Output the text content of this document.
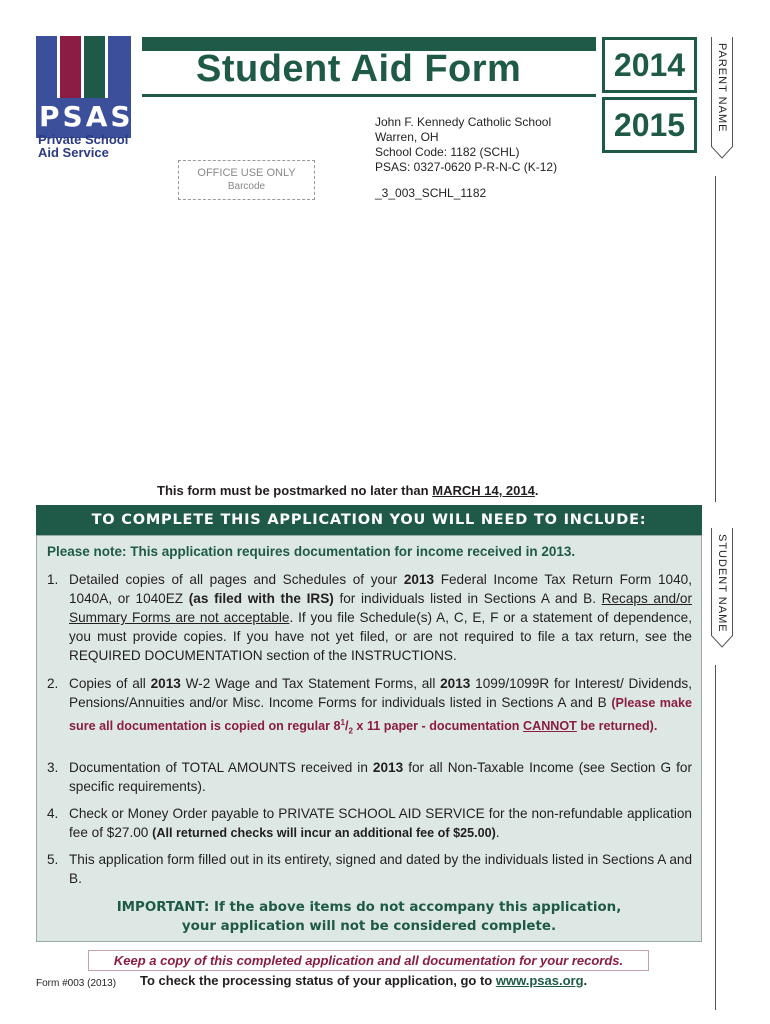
PSAS
Private School
Aid Service
Student Aid Form	2014
2015
John F. Kennedy Catholic School
Warren, OH
School Code: 1182 (SCHL)
PSAS: 0327-0620 P-R-N-C (K-12)
_3_003_SCHL_1182
OFFICE USE ONLY
Barcode
PARENT NAME
STUDENT NAME
This form must be postmarked no later than MARCH 14, 2014.
TO COMPLETE THIS APPLICATION YOU WILL NEED TO INCLUDE:
Please note: This application requires documentation for income received in 2013.
1. Detailed copies of all pages and Schedules of your 2013 Federal Income Tax Return Form 1040, 1040A, or 1040EZ (as filed with the IRS) for individuals listed in Sections A and B. Recaps and/or Summary Forms are not acceptable. If you file Schedule(s) A, C, E, F or a statement of dependence, you must provide copies. If you have not yet filed, or are not required to file a tax return, see the REQUIRED DOCUMENTATION section of the INSTRUCTIONS.
2. Copies of all 2013 W-2 Wage and Tax Statement Forms, all 2013 1099/1099R for Interest/ Dividends, Pensions/Annuities and/or Misc. Income Forms for individuals listed in Sections A and B (Please make sure all documentation is copied on regular $8^1/_2$ x 11 paper - documentation CANNOT be returned).
3. Documentation of TOTAL AMOUNTS received in 2013 for all Non-Taxable Income (see Section G for specific requirements).
4. Check or Money Order payable to PRIVATE SCHOOL AID SERVICE for the non-refundable application fee of $27.00 (All returned checks will incur an additional fee of $25.00).
5. This application form filled out in its entirety, signed and dated by the individuals listed in Sections A and B.
IMPORTANT: If the above items do not accompany this application,
your application will not be considered complete.
Keep a copy of this completed application and all documentation for your records.
Form #003 (2013) To check the processing status of your application, go to www.psas.org.
